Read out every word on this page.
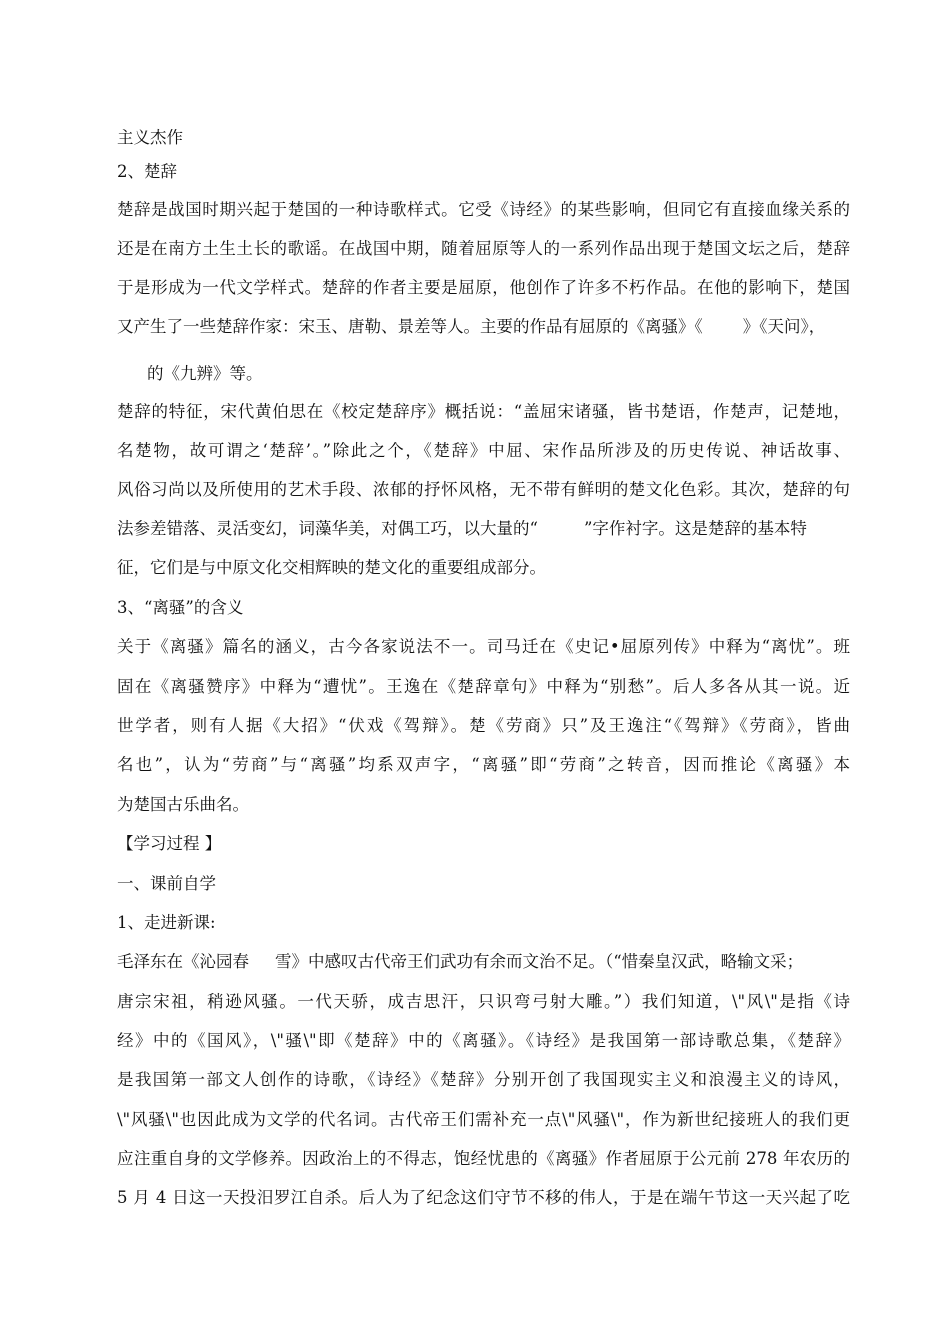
主义杰作
2、楚辞
楚辞是战国时期兴起于楚国的一种诗歌样式。它受《诗经》的某些影响，但同它有直接血缘关系的
还是在南方土生土长的歌谣。在战国中期，随着屈原等人的一系列作品出现于楚国文坛之后，楚辞
于是形成为一代文学样式。楚辞的作者主要是屈原，他创作了许多不朽作品。在他的影响下，楚国
又产生了一些楚辞作家：宋玉、唐勒、景差等人。主要的作品有屈原的《离骚》《 》《天问》，
的《九辨》等。
楚辞的特征，宋代黄伯思在《校定楚辞序》概括说：“盖屈宋诸骚，皆书楚语，作楚声，记楚地，
名楚物，故可谓之‘楚辞’。”除此之个，《楚辞》中屈、宋作品所涉及的历史传说、神话故事、
风俗习尚以及所使用的艺术手段、浓郁的抒怀风格，无不带有鲜明的楚文化色彩。其次，楚辞的句
法参差错落、灵活变幻，词藻华美，对偶工巧，以大量的“	”字作衬字。这是楚辞的基本特
征，它们是与中原文化交相辉映的楚文化的重要组成部分。
3、“离骚”的含义
关于《离骚》篇名的涵义，古今各家说法不一。司马迁在《史记•屈原列传》中释为“离忧”。班
固在《离骚赞序》中释为“遭忧”。王逸在《楚辞章句》中释为“别愁”。后人多各从其一说。近
世学者，则有人据《大招》“伏戏《驾辩》。楚《劳商》只”及王逸注“《驾辩》《劳商》，皆曲
名也”，认为“劳商”与“离骚”均系双声字，“离骚”即“劳商”之转音，因而推论《离骚》本
为楚国古乐曲名。
【学习过程 】
一、课前自学
1、走进新课:
毛泽东在《沁园春 雪》中感叹古代帝王们武功有余而文治不足。（“惜秦皇汉武，略输文采；
唐宗宋祖，稍逊风骚。一代天骄，成吉思汗，只识弯弓射大雕。”）我们知道，\"风\"是指《诗
经》中的《国风》，\"骚\"即《楚辞》中的《离骚》。《诗经》是我国第一部诗歌总集，《楚辞》
是我国第一部文人创作的诗歌，《诗经》《楚辞》分别开创了我国现实主义和浪漫主义的诗风，
\"风骚\"也因此成为文学的代名词。古代帝王们需补充一点\"风骚\"，作为新世纪接班人的我们更
应注重自身的文学修养。因政治上的不得志，饱经忧患的《离骚》作者屈原于公元前 278 年农历的
5 月 4 日这一天投汨罗江自杀。后人为了纪念这们守节不移的伟人，于是在端午节这一天兴起了吃
